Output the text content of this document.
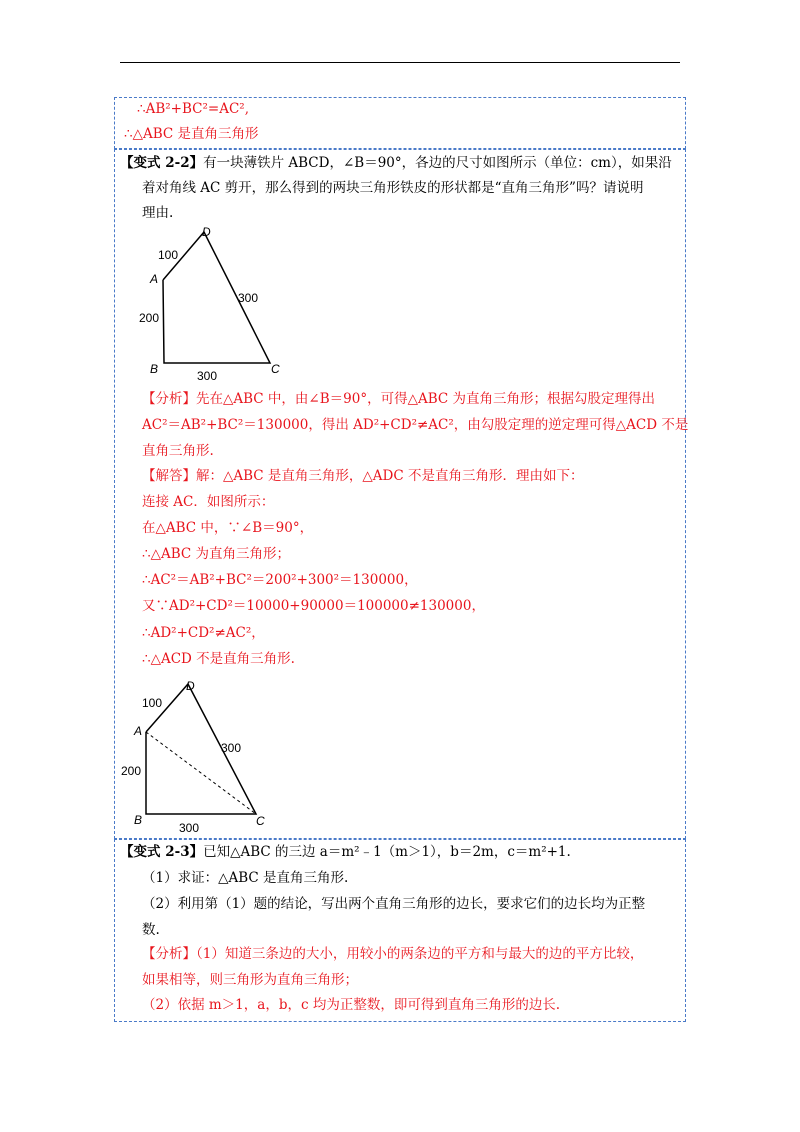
∴AB²+BC²=AC²,
∴△ABC 是直角三角形
【变式 2-2】有一块薄铁片 ABCD，∠B＝90°，各边的尺寸如图所示（单位：cm），如果沿
着对角线 AC 剪开，那么得到的两块三角形铁皮的形状都是“直角三角形”吗？请说明
理由.
D
A
B	C
100
200
300
300
【分析】先在△ABC 中，由∠B＝90°，可得△ABC 为直角三角形；根据勾股定理得出
AC²＝AB²+BC²＝130000，得出 AD²+CD²≠AC²，由勾股定理的逆定理可得△ACD 不是
直角三角形.
【解答】解：△ABC 是直角三角形，△ADC 不是直角三角形．理由如下：
连接 AC．如图所示：
在△ABC 中，∵∠B＝90°，
∴△ABC 为直角三角形；
∴AC²＝AB²+BC²＝200²+300²＝130000，
又∵AD²+CD²＝10000+90000＝100000≠130000，
∴AD²+CD²≠AC²，
∴△ACD 不是直角三角形.
D
A
B	C
100
200
300
300
【变式 2-3】已知△ABC 的三边 a＝m²﹣1（m＞1），b＝2m，c＝m²+1.
（1）求证：△ABC 是直角三角形.
（2）利用第（1）题的结论，写出两个直角三角形的边长，要求它们的边长均为正整
数.
【分析】（1）知道三条边的大小，用较小的两条边的平方和与最大的边的平方比较，
如果相等，则三角形为直角三角形；
（2）依据 m＞1，a，b，c 均为正整数，即可得到直角三角形的边长.
